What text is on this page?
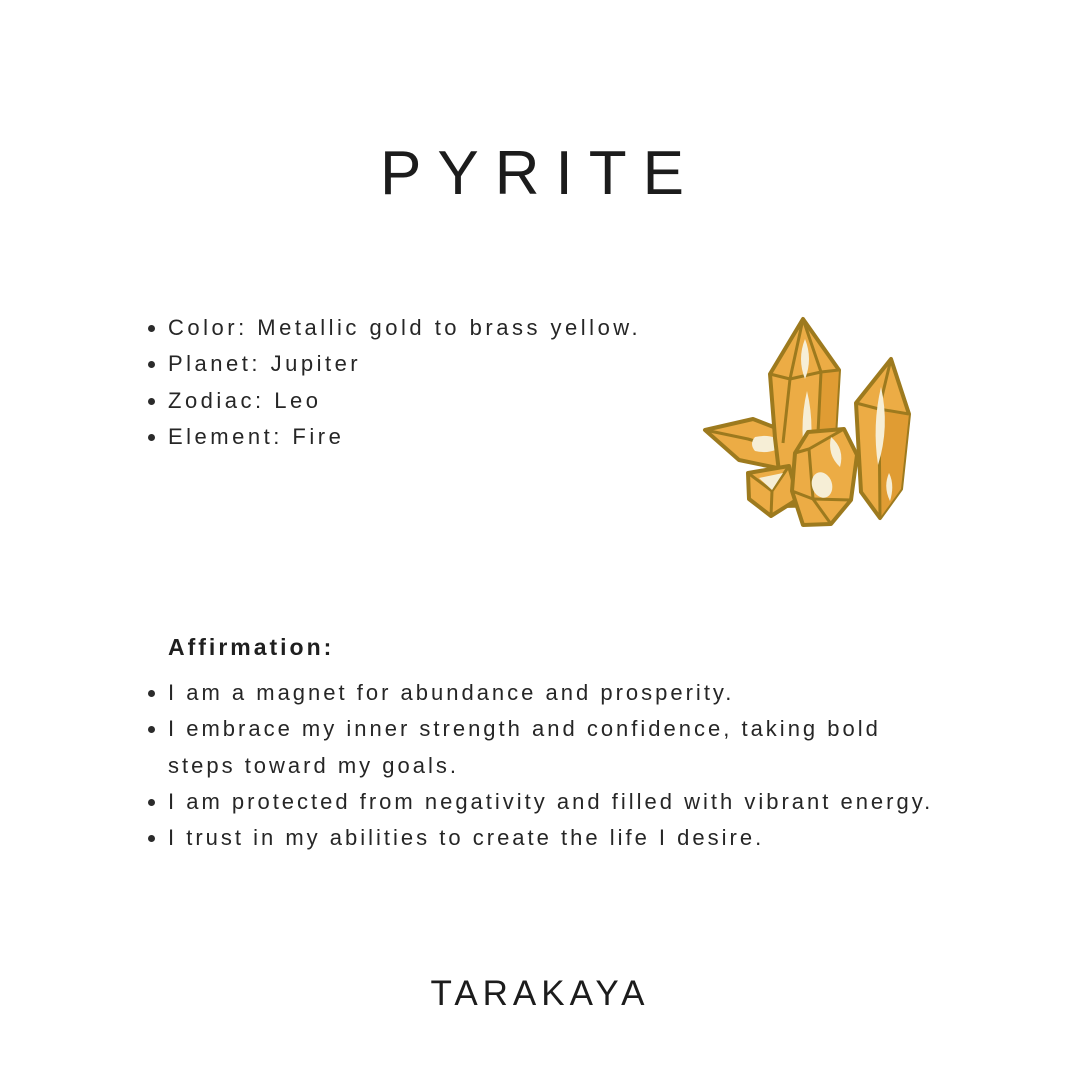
PYRITE
Color: Metallic gold to brass yellow.
Planet: Jupiter
Zodiac: Leo
Element: Fire
Affirmation:
I am a magnet for abundance and prosperity.
I embrace my inner strength and confidence, taking bold steps toward my goals.
I am protected from negativity and filled with vibrant energy.
I trust in my abilities to create the life I desire.
TARAKAYA
